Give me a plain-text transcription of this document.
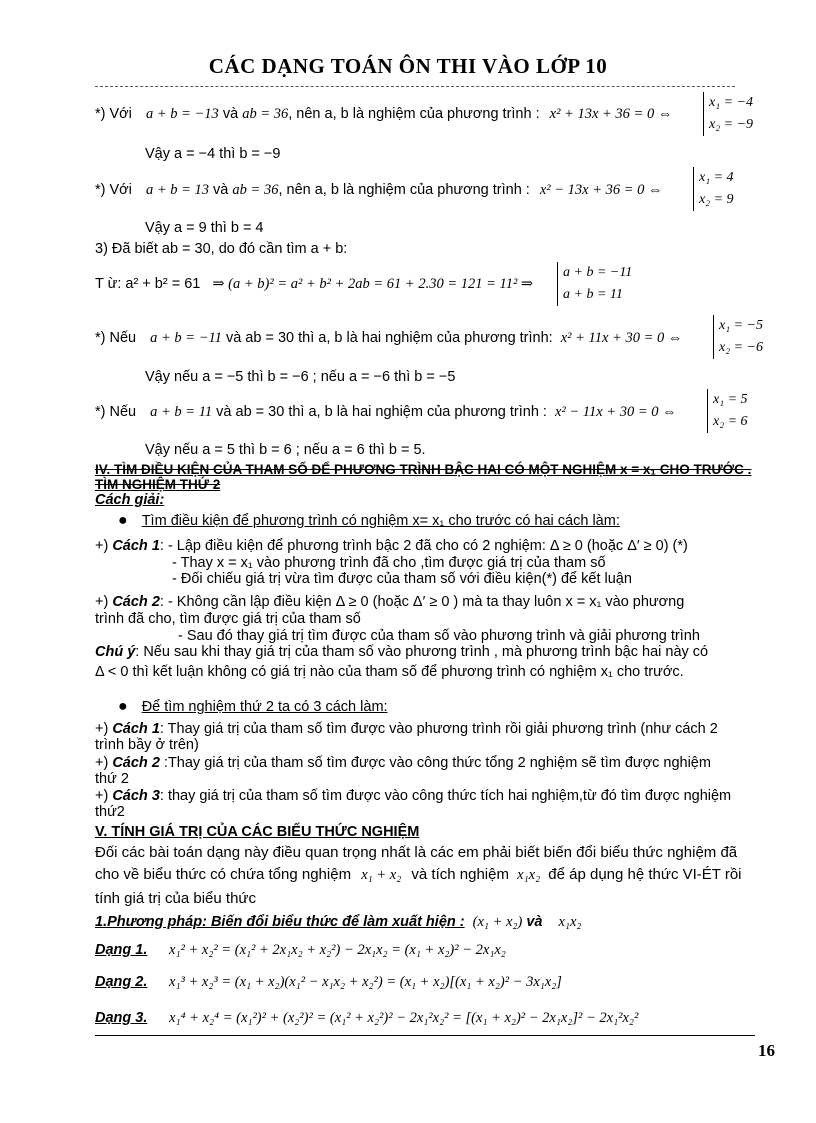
CÁC DẠNG TOÁN ÔN THI VÀO LỚP 10
*) Với a + b = −13 và ab = 36, nên a, b là nghiệm của phương trình : x² + 13x + 36 = 0 ⇔
x₁ = −4
x₂ = −9
Vậy a = −4 thì b = −9
*) Với a + b = 13 và ab = 36, nên a, b là nghiệm của phương trình : x² − 13x + 36 = 0 ⇔
x₁ = 4
x₂ = 9
Vậy a = 9 thì b = 4
3) Đã biết ab = 30, do đó cần tìm a + b:
T ừ: a² + b² = 61 ⇒ (a + b)² = a² + b² + 2ab = 61 + 2.30 = 121 = 11² ⇒
a + b = −11
a + b = 11
*) Nếu a + b = −11 và ab = 30 thì a, b là hai nghiệm của phương trình: x² + 11x + 30 = 0 ⇔
x₁ = −5
x₂ = −6
Vậy nếu a = −5 thì b = −6 ; nếu a = −6 thì b = −5
*) Nếu a + b = 11 và ab = 30 thì a, b là hai nghiệm của phương trình : x² − 11x + 30 = 0 ⇔
x₁ = 5
x₂ = 6
Vậy nếu a = 5 thì b = 6 ; nếu a = 6 thì b = 5.
IV. TÌM ĐIỀU KIỆN CỦA THAM SỐ ĐỂ PHƯƠNG TRÌNH BẬC HAI CÓ MỘT NGHIỆM x = x₁ CHO TRƯỚC . TÌM NGHIỆM THỨ 2
Cách giải:
● Tìm điều kiện để phương trình có nghiệm x= x₁ cho trước có hai cách làm:
+) Cách 1: - Lập điều kiện để phương trình bậc 2 đã cho có 2 nghiệm: Δ ≥ 0 (hoặc Δ′ ≥ 0) (*)
- Thay x = x₁ vào phương trình đã cho ,tìm được giá trị của tham số
- Đối chiếu giá trị vừa tìm được của tham số với điều kiện(*) để kết luận
+) Cách 2: - Không cần lập điều kiện Δ ≥ 0 (hoặc Δ′ ≥ 0 ) mà ta thay luôn x = x₁ vào phương
trình đã cho, tìm được giá trị của tham số
- Sau đó thay giá trị tìm được của tham số vào phương trình và giải phương trình
Chú ý: Nếu sau khi thay giá trị của tham số vào phương trình , mà phương trình bậc hai này có
Δ < 0 thì kết luận không có giá trị nào của tham số để phương trình có nghiệm x₁ cho trước.
● Để tìm nghiệm thứ 2 ta có 3 cách làm:
+) Cách 1: Thay giá trị của tham số tìm được vào phương trình rồi giải phương trình (như cách 2
trình bầy ở trên)
+) Cách 2 :Thay giá trị của tham số tìm được vào công thức tổng 2 nghiệm sẽ tìm được nghiệm
thứ 2
+) Cách 3: thay giá trị của tham số tìm được vào công thức tích hai nghiệm,từ đó tìm được nghiệm
thứ2
V. TÍNH GIÁ TRỊ CỦA CÁC BIỂU THỨC NGHIỆM
Đối các bài toán dạng này điều quan trọng nhất là các em phải biết biến đổi biểu thức nghiệm đã
cho về biểu thức có chứa tổng nghiệm x₁ + x₂ và tích nghiệm x₁x₂ để áp dụng hệ thức VI-ÉT rồi
tính giá trị của biểu thức
1.Phương pháp: Biến đổi biểu thức để làm xuất hiện : (x₁ + x₂) và x₁x₂
Dạng 1. x₁² + x₂² = (x₁² + 2x₁x₂ + x₂²) − 2x₁x₂ = (x₁ + x₂)² − 2x₁x₂
Dạng 2. x₁³ + x₂³ = (x₁ + x₂)(x₁² − x₁x₂ + x₂²) = (x₁ + x₂)[(x₁ + x₂)² − 3x₁x₂]
Dạng 3. x₁⁴ + x₂⁴ = (x₁²)² + (x₂²)² = (x₁² + x₂²)² − 2x₁²x₂² = [(x₁ + x₂)² − 2x₁x₂]² − 2x₁²x₂²
16
